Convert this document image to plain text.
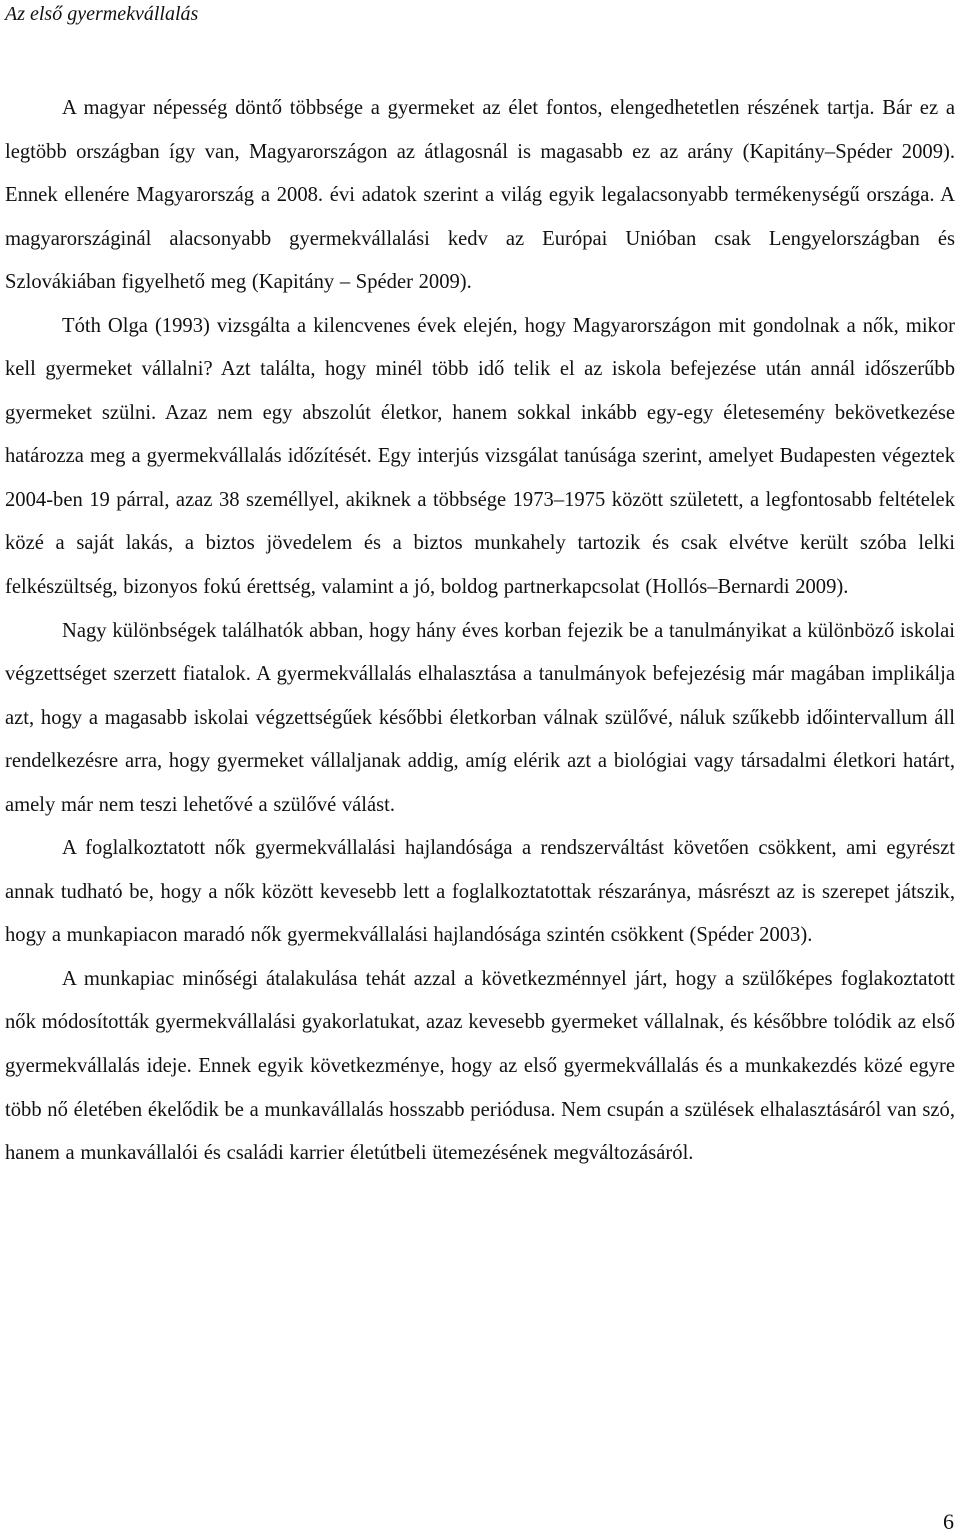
Az első gyermekvállalás

A magyar népesség döntő többsége a gyermeket az élet fontos, elengedhetetlen részének tartja. Bár ez a legtöbb országban így van, Magyarországon az átlagosnál is magasabb ez az arány (Kapitány–Spéder 2009). Ennek ellenére Magyarország a 2008. évi adatok szerint a világ egyik legalacsonyabb termékenységű országa. A magyarországinál alacsonyabb gyermekvállalási kedv az Európai Unióban csak Lengyelországban és Szlovákiában figyelhető meg (Kapitány – Spéder 2009).

Tóth Olga (1993) vizsgálta a kilencvenes évek elején, hogy Magyarországon mit gondolnak a nők, mikor kell gyermeket vállalni? Azt találta, hogy minél több idő telik el az iskola befejezése után annál időszerűbb gyermeket szülni. Azaz nem egy abszolút életkor, hanem sokkal inkább egy-egy életesemény bekövetkezése határozza meg a gyermekvállalás időzítését. Egy interjús vizsgálat tanúsága szerint, amelyet Budapesten végeztek 2004-ben 19 párral, azaz 38 személlyel, akiknek a többsége 1973–1975 között született, a legfontosabb feltételek közé a saját lakás, a biztos jövedelem és a biztos munkahely tartozik és csak elvétve került szóba lelki felkészültség, bizonyos fokú érettség, valamint a jó, boldog partnerkapcsolat (Hollós–Bernardi 2009).

Nagy különbségek találhatók abban, hogy hány éves korban fejezik be a tanulmányikat a különböző iskolai végzettséget szerzett fiatalok. A gyermekvállalás elhalasztása a tanulmányok befejezésig már magában implikálja azt, hogy a magasabb iskolai végzettségűek későbbi életkorban válnak szülővé, náluk szűkebb időintervallum áll rendelkezésre arra, hogy gyermeket vállaljanak addig, amíg elérik azt a biológiai vagy társadalmi életkori határt, amely már nem teszi lehetővé a szülővé válást.

A foglalkoztatott nők gyermekvállalási hajlandósága a rendszerváltást követően csökkent, ami egyrészt annak tudható be, hogy a nők között kevesebb lett a foglalkoztatottak részaránya, másrészt az is szerepet játszik, hogy a munkapiacon maradó nők gyermekvállalási hajlandósága szintén csökkent (Spéder 2003).

A munkapiac minőségi átalakulása tehát azzal a következménnyel járt, hogy a szülőképes foglakoztatott nők módosították gyermekvállalási gyakorlatukat, azaz kevesebb gyermeket vállalnak, és későbbre tolódik az első gyermekvállalás ideje. Ennek egyik következménye, hogy az első gyermekvállalás és a munkakezdés közé egyre több nő életében ékelődik be a munkavállalás hosszabb periódusa. Nem csupán a szülések elhalasztásáról van szó, hanem a munkavállalói és családi karrier életútbeli ütemezésének megváltozásáról.

6
